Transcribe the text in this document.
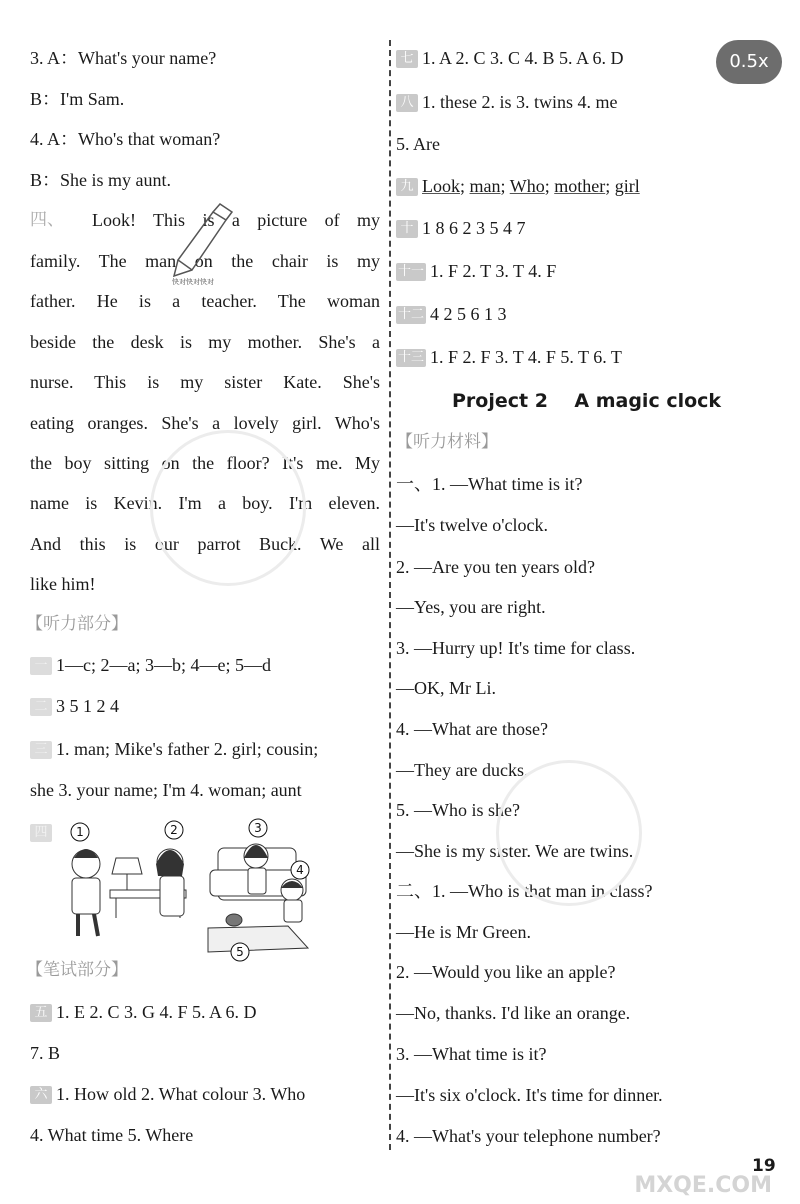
3. A：What's your name?
B：I'm Sam.
4. A：Who's that woman?
B：She is my aunt.
四、 Look! This is a picture of my
family. The man on the chair is my
father. He is a teacher. The woman
beside the desk is my mother. She's a
nurse. This is my sister Kate. She's
eating oranges. She's a lovely girl. Who's
the boy sitting on the floor? It's me. My
name is Kevin. I'm a boy. I'm eleven.
And this is our parrot Buck. We all
like him!
快对快对快对
【听力部分】
一 1—c; 2—a; 3—b; 4—e; 5—d
二 3 5 1 2 4
三 1. man; Mike's father 2. girl; cousin;
she 3. your name; I'm 4. woman; aunt
四	1	2	3
4
5
【笔试部分】
五 1. E 2. C 3. G 4. F 5. A 6. D
7. B
六 1. How old 2. What colour 3. Who
4. What time 5. Where
七 1. A 2. C 3. C 4. B 5. A 6. D
八 1. these 2. is 3. twins 4. me
5. Are
九 Look; man; Who; mother; girl
十 1 8 6 2 3 5 4 7
十一 1. F 2. T 3. T 4. F
十二 4 2 5 6 1 3
十三 1. F 2. F 3. T 4. F 5. T 6. T
Project 2    A magic clock
【听力材料】
一、1. —What time is it?
—It's twelve o'clock.
2. —Are you ten years old?
—Yes, you are right.
3. —Hurry up! It's time for class.
—OK, Mr Li.
4. —What are those?
—They are ducks.
5. —Who is she?
—She is my sister. We are twins.
二、1. —Who is that man in class?
—He is Mr Green.
2. —Would you like an apple?
—No, thanks. I'd like an orange.
3. —What time is it?
—It's six o'clock. It's time for dinner.
4. —What's your telephone number?
0.5x
19
MXQE.COM
